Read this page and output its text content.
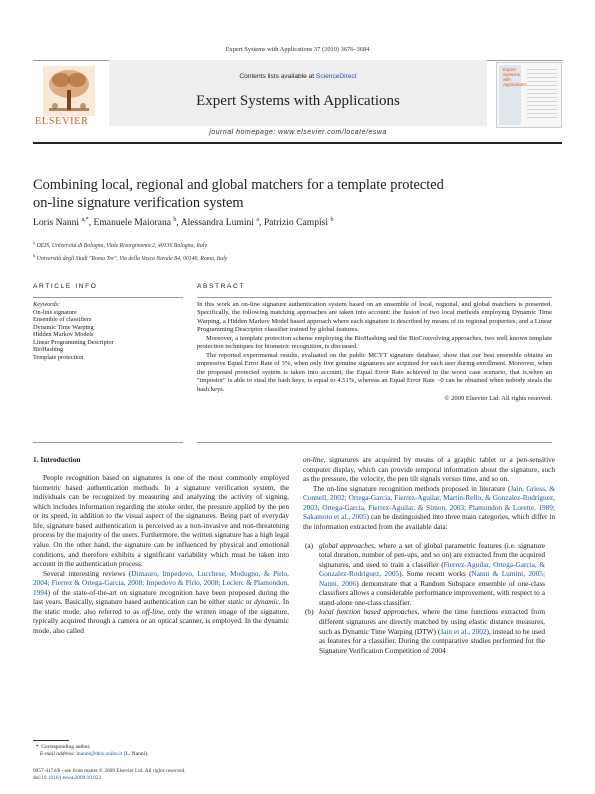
Expert Systems with Applications 37 (2010) 3676–3684
ELSEVIER
Contents lists available at ScienceDirect
Expert Systems with Applications
Expert
Systems
with
Applications
journal homepage: www.elsevier.com/locate/eswa
Combining local, regional and global matchers for a template protected
on-line signature verification system
Loris Nanni $^{a,*}$, Emanuele Maiorana $^b$, Alessandra Lumini $^a$, Patrizio Campisi $^b$
$^a$ DEIS, Università di Bologna, Viale Risorgimento 2, 40136 Bologna, Italy
$^b$ Università degli Studi "Roma Tre", Via della Vasca Navale 84, 00146, Roma, Italy
ARTICLE INFO
Keywords:
On-line signature
Ensemble of classifiers
Dynamic Time Warping
Hidden Markov Models
Linear Programming Descriptor
BioHashing
Template protection
ABSTRACT

In this work an on-line signature authentication system based on an ensemble of local, regional, and global matchers is presented. Specifically, the following matching approaches are taken into account: the fusion of two local methods employing Dynamic Time Warping, a Hidden Markov Model based approach where each signature is described by means of its regional properties, and a Linear Programming Descriptor classifier trained by global features.

Moreover, a template protection scheme employing the BioHashing and the BioConvolving approaches, two well known template protection techniques for biometric recognition, is discussed.

The reported experimental results, evaluated on the public MCYT signature database, show that our best ensemble obtains an impressive Equal Error Rate of 3%, when only five genuine signatures are acquired for each user during enrollment. Moreover, when the proposed protected system is taken into account, the Equal Error Rate achieved in the worst case scenario, that is,when an "impostor" is able to steal the hash keys, is equal to 4.51%, whereas an Equal Error Rate ~0 can be obtained when nobody steals the hash keys.

© 2009 Elsevier Ltd. All rights reserved.
1. Introduction

People recognition based on signatures is one of the most commonly employed biometric based authentication methods. In a signature verification system, the individuals can be recognized by measuring and analyzing the activity of signing, which includes information regarding the stroke order, the pressure applied by the pen or its speed, in addition to the visual aspect of the signatures. Being part of everyday life, signature based authentication is perceived as a non-invasive and non-threatening process by the majority of the users. Furthermore, the written signature has a high legal value. On the other hand, the signature can be influenced by physical and emotional conditions, and therefore exhibits a significant variability which must be taken into account in the authentication process.

Several interesting reviews (Dimauro, Impedovo, Lucchese, Modugno, & Pirlo, 2004; Fierrez & Ortega-Garcia, 2008; Impedovo & Pirlo, 2008; Leclerc & Plamondon, 1994) of the state-of-the-art on signature recognition have been proposed during the last years. Basically, signature based authentication can be either static or dynamic. In the static mode, also referred to as off-line, only the written image of the signature, typically acquired through a camera or an optical scanner, is employed. In the dynamic mode, also called

on-line, signatures are acquired by means of a graphic tablet or a pen-sensitive computer display, which can provide temporal information about the signature, such as the pressure, the velocity, the pen tilt signals versus time, and so on.

The on-line signature recognition methods proposed in literature (Jain, Griess, & Connell, 2002; Ortega-Garcia, Fierrez-Aguilar, Martin-Rello, & Gonzalez-Rodriguez, 2003; Ortega-Garcia, Fierrez-Aguilar, & Simon, 2003; Plamondon & Lorette, 1989; Sakamoto et al., 2005) can be distinguished into three main categories, which differ in the information extracted from the available data:

(a) global approaches, where a set of global parametric features (i.e. signature total duration, number of pen-ups, and so on) are extracted from the acquired signatures, and used to train a classifier (Fierrez-Aguilar, Ortega-Garcia, & Gonzalez-Rodriguez, 2005). Some recent works (Nanni & Lumini, 2005; Nanni, 2006) demonstrate that a Random Subspace ensemble of one-class classifiers allows a considerable performance improvement, with respect to a stand-alone one-class classifier.
(b) local function based approaches, where the time functions extracted from different signatures are directly matched by using elastic distance measures, such as Dynamic Time Warping (DTW) (Jain et al., 2002), instead to be used as features for a classifier. During the comparative studies performed for the Signature Verification Competition of 2004
* Corresponding author.
E-mail address: lnanni@deis.unibo.it (L. Nanni).
0957-4174/$ - see front matter © 2009 Elsevier Ltd. All rights reserved.
doi:10.1016/j.eswa.2009.10.023
